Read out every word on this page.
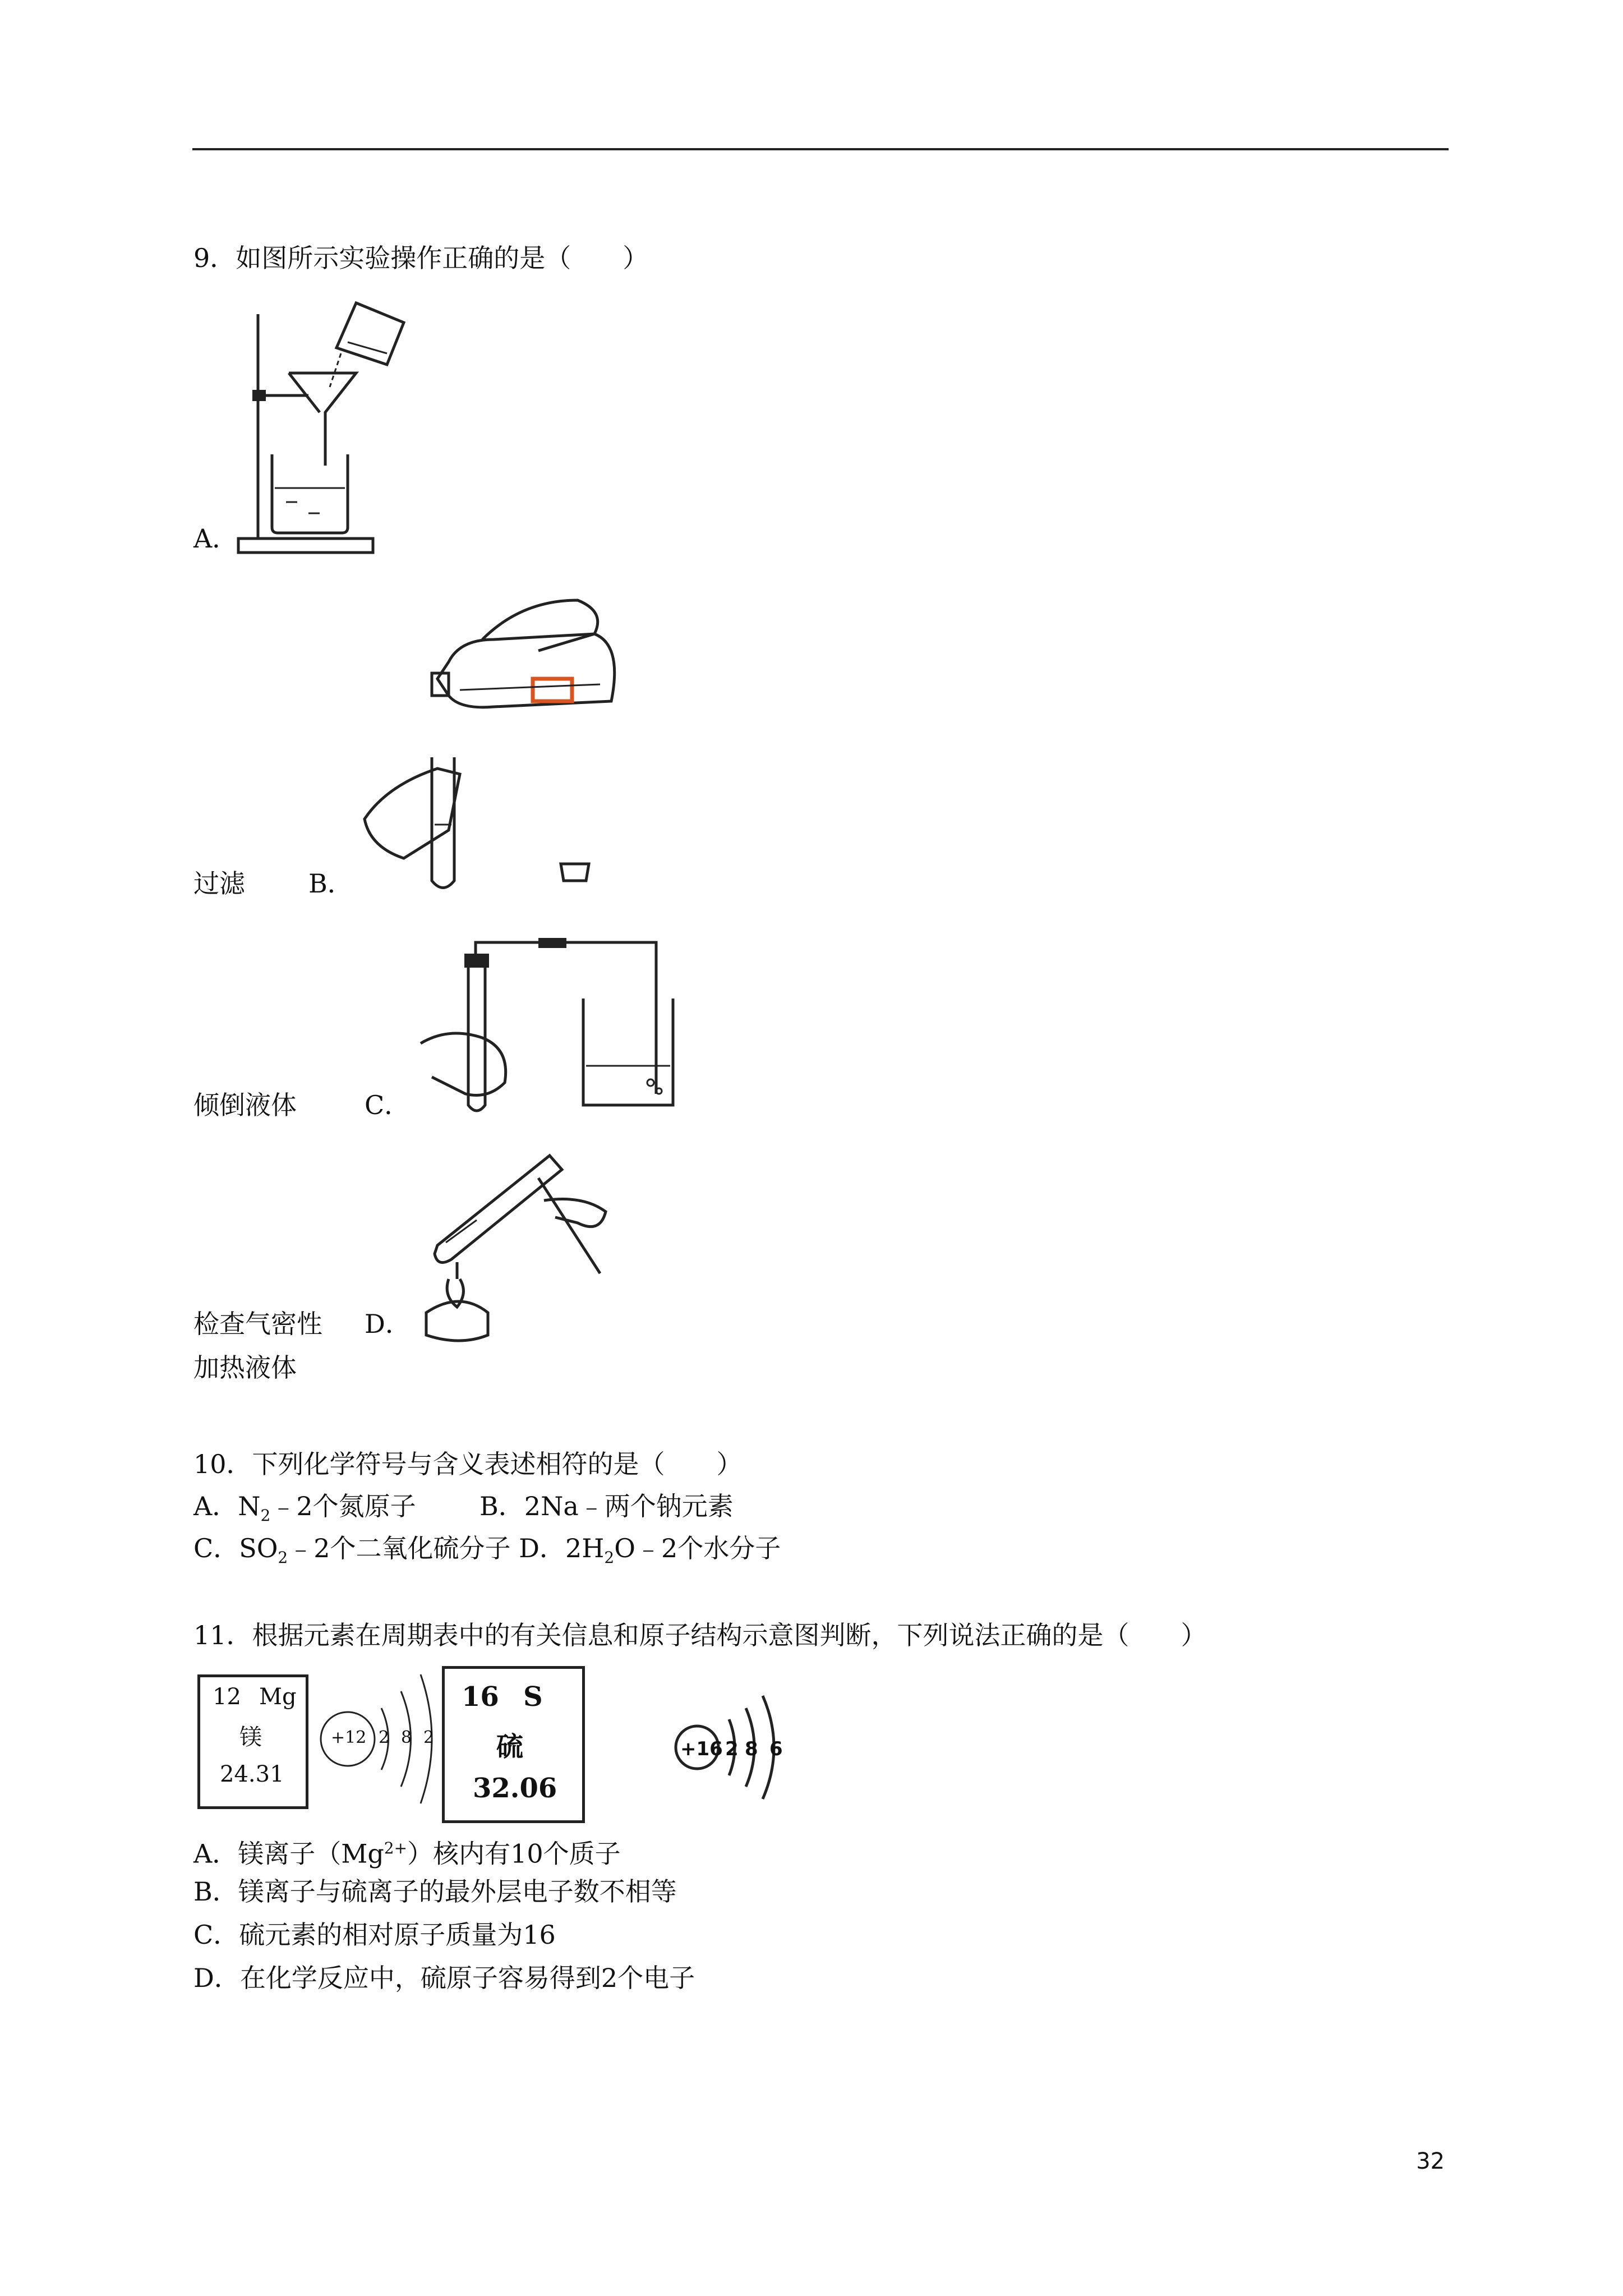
9．如图所示实验操作正确的是（　　）
A．
过滤 B．
倾倒液体	C．
检查气密性 D．
加热液体
10．下列化学符号与含义表述相符的是（　　）
A．$N_2﹣2$个氮原子 B．2Na﹣两个钠元素
C．$SO_2﹣2$个二氧化硫分子 D．$2H_2O﹣2$个水分子
11．根据元素在周期表中的有关信息和原子结构示意图判断，下列说法正确的是（　　）
12 Mg
镁
24.31
+12 2 8 2
16 S
硫
32.06
+16 2 8 6
A．镁离子$(Mg^{2+})$核内有10个质子
B．镁离子与硫离子的最外层电子数不相等
C．硫元素的相对原子质量为16
D．在化学反应中，硫原子容易得到2个电子
32
